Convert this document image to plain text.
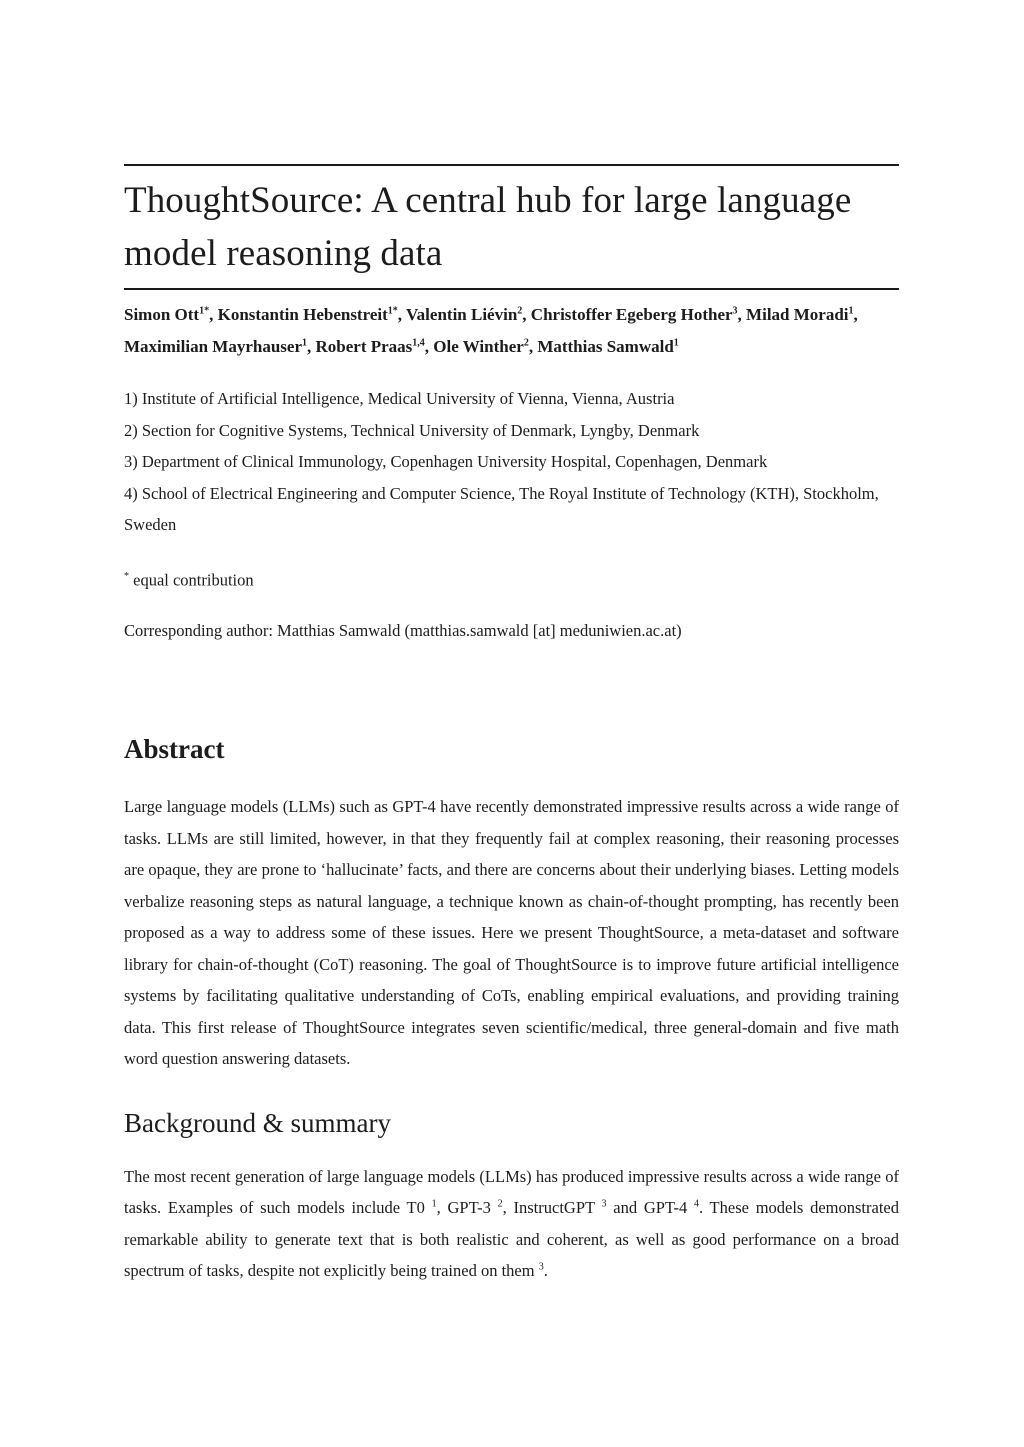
ThoughtSource: A central hub for large language model reasoning data
Simon Ott$^{1*}$, Konstantin Hebenstreit$^{1*}$, Valentin Liévin$^2$, Christoffer Egeberg Hother$^3$, Milad Moradi$^1$, Maximilian Mayrhauser$^1$, Robert Praas$^{1,4}$, Ole Winther$^2$, Matthias Samwald$^1$
1) Institute of Artificial Intelligence, Medical University of Vienna, Vienna, Austria
2) Section for Cognitive Systems, Technical University of Denmark, Lyngby, Denmark
3) Department of Clinical Immunology, Copenhagen University Hospital, Copenhagen, Denmark
4) School of Electrical Engineering and Computer Science, The Royal Institute of Technology (KTH), Stockholm, Sweden
* equal contribution
Corresponding author: Matthias Samwald (matthias.samwald [at] meduniwien.ac.at)
Abstract

Large language models (LLMs) such as GPT-4 have recently demonstrated impressive results across a wide range of tasks. LLMs are still limited, however, in that they frequently fail at complex reasoning, their reasoning processes are opaque, they are prone to ‘hallucinate’ facts, and there are concerns about their underlying biases. Letting models verbalize reasoning steps as natural language, a technique known as chain-of-thought prompting, has recently been proposed as a way to address some of these issues. Here we present ThoughtSource, a meta-dataset and software library for chain-of-thought (CoT) reasoning. The goal of ThoughtSource is to improve future artificial intelligence systems by facilitating qualitative understanding of CoTs, enabling empirical evaluations, and providing training data. This first release of ThoughtSource integrates seven scientific/medical, three general-domain and five math word question answering datasets.

Background & summary

The most recent generation of large language models (LLMs) has produced impressive results across a wide range of tasks. Examples of such models include T0 $^1$, GPT-3 $^2$, InstructGPT $^3$ and GPT-4 $^4$. These models demonstrated remarkable ability to generate text that is both realistic and coherent, as well as good performance on a broad spectrum of tasks, despite not explicitly being trained on them $^3$.
